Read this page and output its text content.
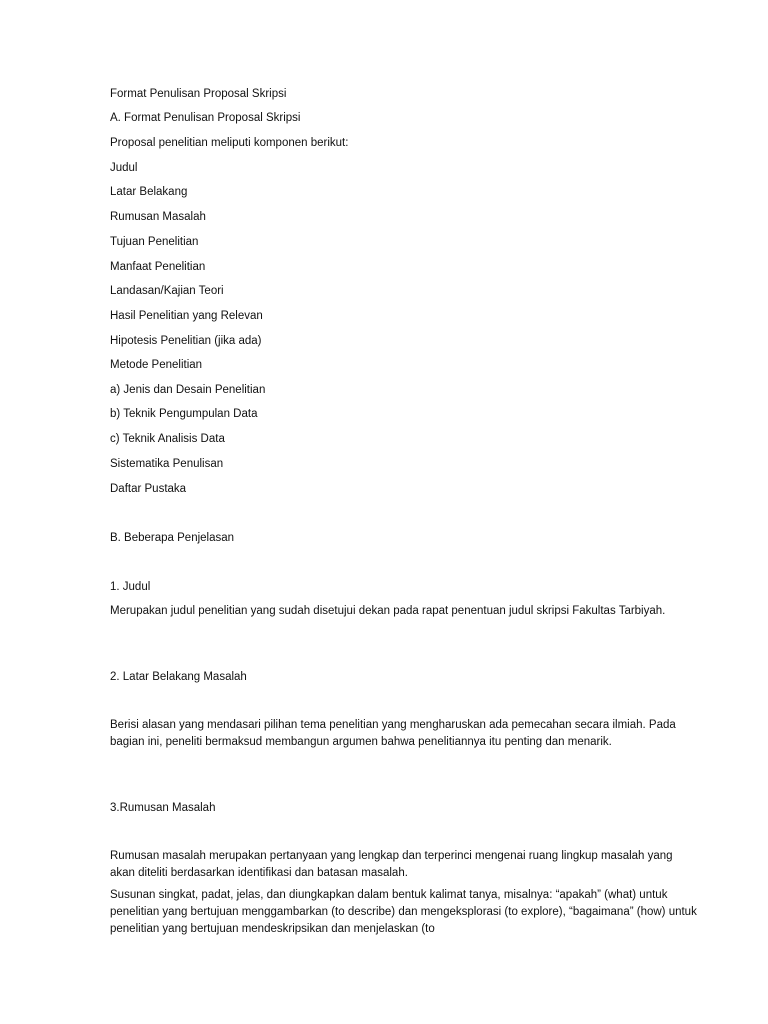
Format Penulisan Proposal Skripsi
A. Format Penulisan Proposal Skripsi
Proposal penelitian meliputi komponen berikut:
Judul
Latar Belakang
Rumusan Masalah
Tujuan Penelitian
Manfaat Penelitian
Landasan/Kajian Teori
Hasil Penelitian yang Relevan
Hipotesis Penelitian (jika ada)
Metode Penelitian
a) Jenis dan Desain Penelitian
b) Teknik Pengumpulan Data
c) Teknik Analisis Data
Sistematika Penulisan
Daftar Pustaka
B. Beberapa Penjelasan
1. Judul
Merupakan judul penelitian yang sudah disetujui dekan pada rapat penentuan judul skripsi Fakultas Tarbiyah.
2. Latar Belakang Masalah
Berisi alasan yang mendasari pilihan tema penelitian yang mengharuskan ada pemecahan secara ilmiah. Pada bagian ini, peneliti bermaksud membangun argumen bahwa penelitiannya itu penting dan menarik.
3.Rumusan Masalah
Rumusan masalah merupakan pertanyaan yang lengkap dan terperinci mengenai ruang lingkup masalah yang akan diteliti berdasarkan identifikasi dan batasan masalah.
Susunan singkat, padat, jelas, dan diungkapkan dalam bentuk kalimat tanya, misalnya: “apakah” (what) untuk penelitian yang bertujuan menggambarkan (to describe) dan mengeksplorasi (to explore), “bagaimana” (how) untuk penelitian yang bertujuan mendeskripsikan dan menjelaskan (to
